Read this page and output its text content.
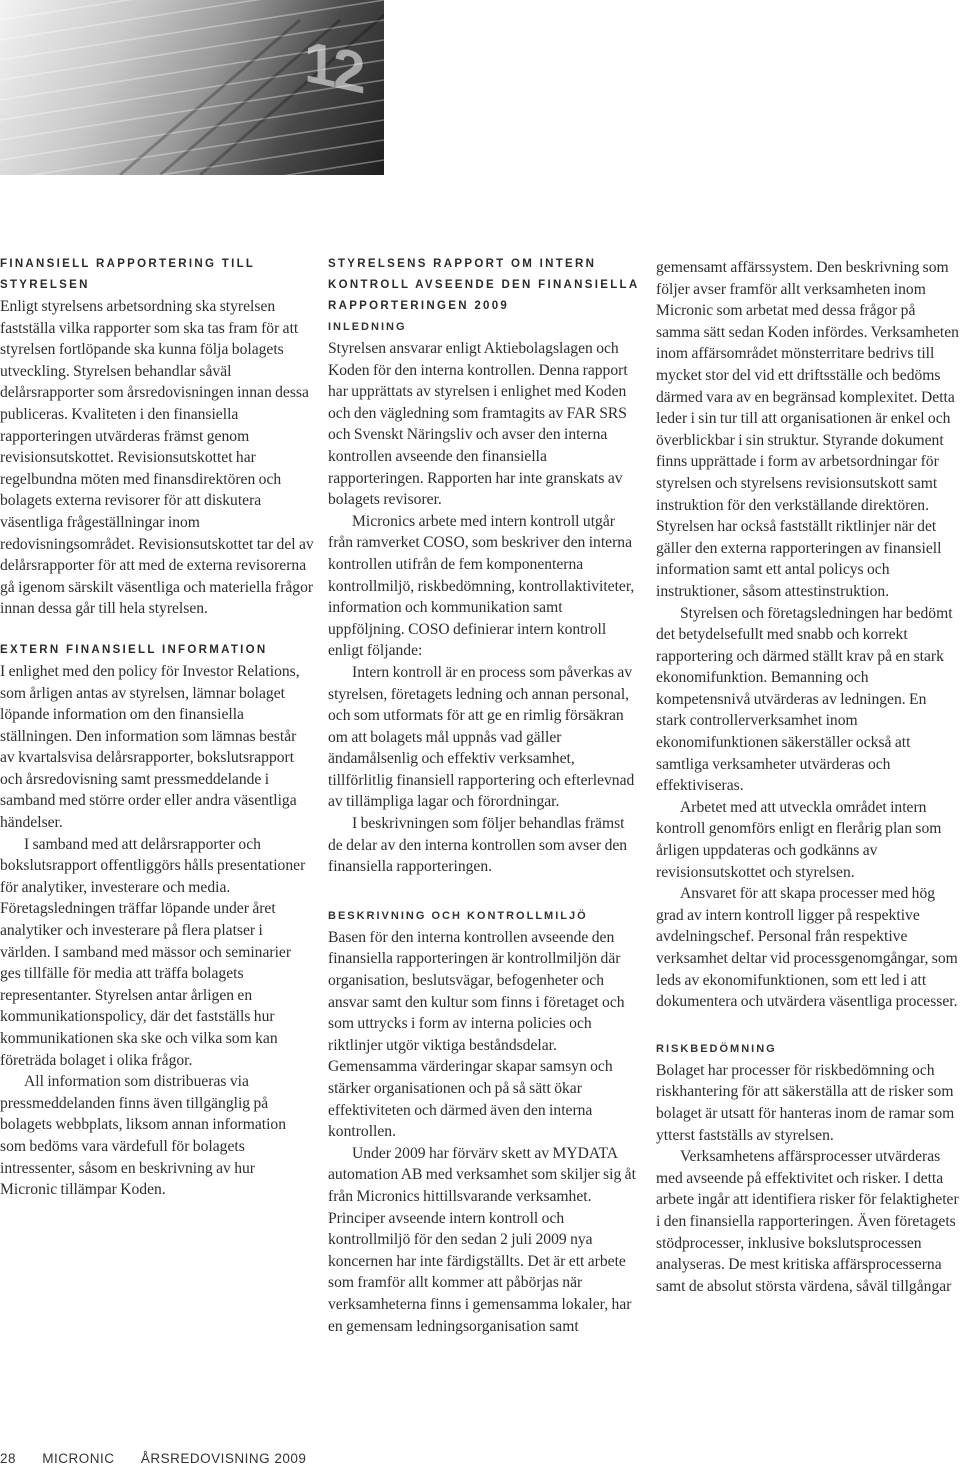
12
FINANSIELL RAPPORTERING TILL STYRELSEN

Enligt styrelsens arbetsordning ska styrelsen fastställa vilka rapporter som ska tas fram för att styrelsen fortlöpande ska kunna följa bolagets utveckling. Styrelsen behandlar såväl delårsrapporter som årsredovisningen innan dessa publiceras. Kvaliteten i den finansiella rapporteringen utvärderas främst genom revisionsutskottet. Revisionsutskottet har regelbundna möten med finansdirektören och bolagets externa revisorer för att diskutera väsentliga frågeställningar inom redovisningsområdet. Revisionsutskottet tar del av delårsrapporter för att med de externa revisorerna gå igenom särskilt väsentliga och materiella frågor innan dessa går till hela styrelsen.

EXTERN FINANSIELL INFORMATION

I enlighet med den policy för Investor Relations, som årligen antas av styrelsen, lämnar bolaget löpande information om den finansiella ställningen. Den information som lämnas består av kvartalsvisa delårsrapporter, bokslutsrapport och årsredovisning samt pressmeddelande i samband med större order eller andra väsentliga händelser.

I samband med att delårsrapporter och bokslutsrapport offentliggörs hålls presentationer för analytiker, investerare och media. Företagsledningen träffar löpande under året analytiker och investerare på flera platser i världen. I samband med mässor och seminarier ges tillfälle för media att träffa bolagets representanter. Styrelsen antar årligen en kommunikationspolicy, där det fastställs hur kommunikationen ska ske och vilka som kan företräda bolaget i olika frågor.

All information som distribueras via pressmeddelanden finns även tillgänglig på bolagets webbplats, liksom annan information som bedöms vara värdefull för bolagets intressenter, såsom en beskrivning av hur Micronic tillämpar Koden.

STYRELSENS RAPPORT OM INTERN KONTROLL AVSEENDE DEN FINANSIELLA RAPPORTERINGEN 2009
INLEDNING

Styrelsen ansvarar enligt Aktiebolagslagen och Koden för den interna kontrollen. Denna rapport har upprättats av styrelsen i enlighet med Koden och den vägledning som framtagits av FAR SRS och Svenskt Näringsliv och avser den interna kontrollen avseende den finansiella rapporteringen. Rapporten har inte granskats av bolagets revisorer.

Micronics arbete med intern kontroll utgår från ramverket COSO, som beskriver den interna kontrollen utifrån de fem komponenterna kontrollmiljö, riskbedömning, kontrollaktiviteter, information och kommunikation samt uppföljning. COSO definierar intern kontroll enligt följande:

Intern kontroll är en process som påverkas av styrelsen, företagets ledning och annan personal, och som utformats för att ge en rimlig försäkran om att bolagets mål uppnås vad gäller ändamålsenlig och effektiv verksamhet, tillförlitlig finansiell rapportering och efterlevnad av tillämpliga lagar och förordningar.

I beskrivningen som följer behandlas främst de delar av den interna kontrollen som avser den finansiella rapporteringen.

BESKRIVNING OCH KONTROLLMILJÖ

Basen för den interna kontrollen avseende den finansiella rapporteringen är kontrollmiljön där organisation, beslutsvägar, befogenheter och ansvar samt den kultur som finns i företaget och som uttrycks i form av interna policies och riktlinjer utgör viktiga beståndsdelar. Gemensamma värderingar skapar samsyn och stärker organisationen och på så sätt ökar effektiviteten och därmed även den interna kontrollen.

Under 2009 har förvärv skett av MYDATA automation AB med verksamhet som skiljer sig åt från Micronics hittillsvarande verksamhet. Principer avseende intern kontroll och kontrollmiljö för den sedan 2 juli 2009 nya koncernen har inte färdigställts. Det är ett arbete som framför allt kommer att påbörjas när verksamheterna finns i gemensamma lokaler, har en gemensam ledningsorganisation samt

gemensamt affärssystem. Den beskrivning som följer avser framför allt verksamheten inom Micronic som arbetat med dessa frågor på samma sätt sedan Koden infördes. Verksamheten inom affärsområdet mönsterritare bedrivs till mycket stor del vid ett driftsställe och bedöms därmed vara av en begränsad komplexitet. Detta leder i sin tur till att organisationen är enkel och överblickbar i sin struktur. Styrande dokument finns upprättade i form av arbetsordningar för styrelsen och styrelsens revisionsutskott samt instruktion för den verkställande direktören. Styrelsen har också fastställt riktlinjer när det gäller den externa rapporteringen av finansiell information samt ett antal policys och instruktioner, såsom attestinstruktion.

Styrelsen och företagsledningen har bedömt det betydelsefullt med snabb och korrekt rapportering och därmed ställt krav på en stark ekonomifunktion. Bemanning och kompetensnivå utvärderas av ledningen. En stark controllerverksamhet inom ekonomifunktionen säkerställer också att samtliga verksamheter utvärderas och effektiviseras.

Arbetet med att utveckla området intern kontroll genomförs enligt en flerårig plan som årligen uppdateras och godkänns av revisionsutskottet och styrelsen.

Ansvaret för att skapa processer med hög grad av intern kontroll ligger på respektive avdelningschef. Personal från respektive verksamhet deltar vid processgenomgångar, som leds av ekonomifunktionen, som ett led i att dokumentera och utvärdera väsentliga processer.

RISKBEDÖMNING

Bolaget har processer för riskbedömning och riskhantering för att säkerställa att de risker som bolaget är utsatt för hanteras inom de ramar som ytterst fastställs av styrelsen.

Verksamhetens affärsprocesser utvärderas med avseende på effektivitet och risker. I detta arbete ingår att identifiera risker för felaktigheter i den finansiella rapporteringen. Även företagets stödprocesser, inklusive bokslutsprocessen analyseras. De mest kritiska affärsprocesserna samt de absolut största värdena, såväl tillgångar

28 MICRONIC ÅRSREDOVISNING 2009
